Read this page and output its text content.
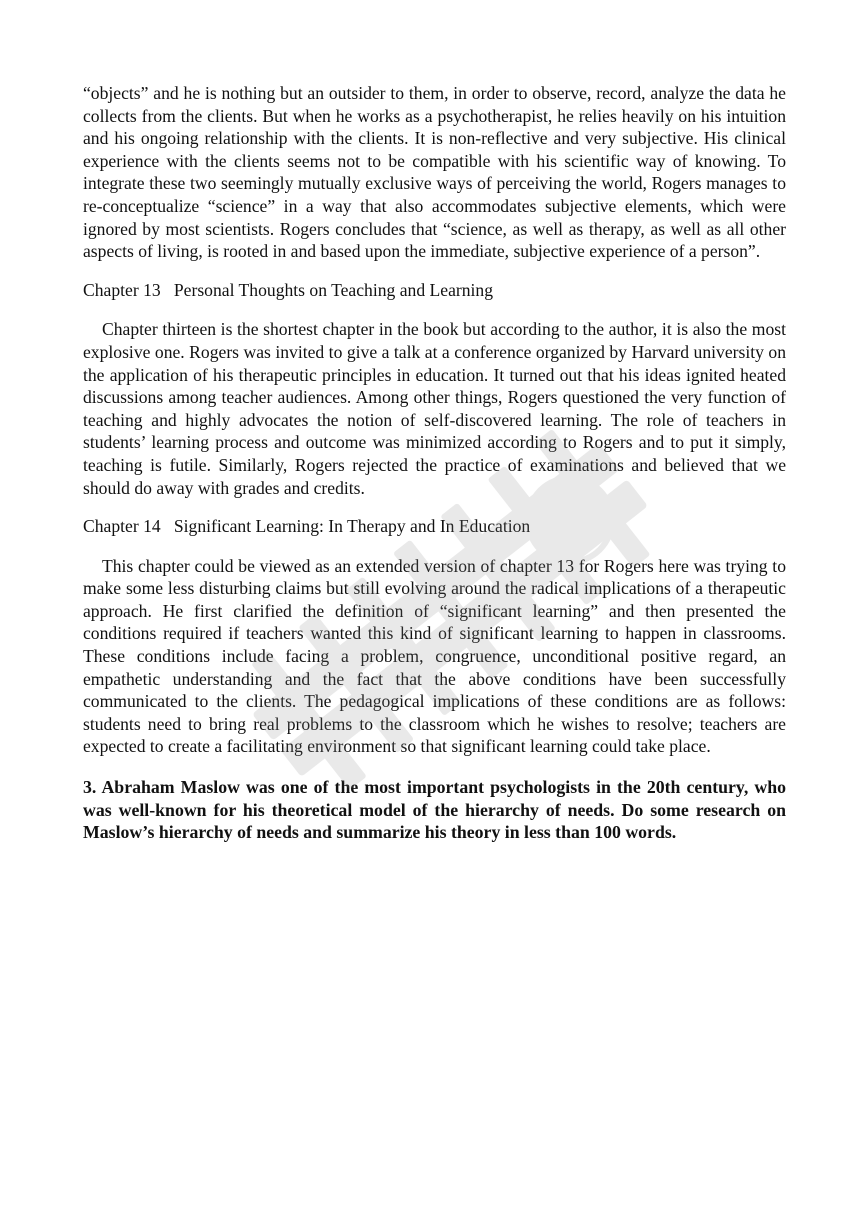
“objects” and he is nothing but an outsider to them, in order to observe, record, analyze the data he collects from the clients. But when he works as a psychotherapist, he relies heavily on his intuition and his ongoing relationship with the clients. It is non-reflective and very subjective. His clinical experience with the clients seems not to be compatible with his scientific way of knowing. To integrate these two seemingly mutually exclusive ways of perceiving the world, Rogers manages to re-conceptualize “science” in a way that also accommodates subjective elements, which were ignored by most scientists. Rogers concludes that “science, as well as therapy, as well as all other aspects of living, is rooted in and based upon the immediate, subjective experience of a person”.

Chapter 13   Personal Thoughts on Teaching and Learning

Chapter thirteen is the shortest chapter in the book but according to the author, it is also the most explosive one. Rogers was invited to give a talk at a conference organized by Harvard university on the application of his therapeutic principles in education. It turned out that his ideas ignited heated discussions among teacher audiences. Among other things, Rogers questioned the very function of teaching and highly advocates the notion of self-discovered learning. The role of teachers in students’ learning process and outcome was minimized according to Rogers and to put it simply, teaching is futile. Similarly, Rogers rejected the practice of examinations and believed that we should do away with grades and credits.

Chapter 14   Significant Learning: In Therapy and In Education

This chapter could be viewed as an extended version of chapter 13 for Rogers here was trying to make some less disturbing claims but still evolving around the radical implications of a therapeutic approach. He first clarified the definition of “significant learning” and then presented the conditions required if teachers wanted this kind of significant learning to happen in classrooms. These conditions include facing a problem, congruence, unconditional positive regard, an empathetic understanding and the fact that the above conditions have been successfully communicated to the clients. The pedagogical implications of these conditions are as follows: students need to bring real problems to the classroom which he wishes to resolve; teachers are expected to create a facilitating environment so that significant learning could take place.

3. Abraham Maslow was one of the most important psychologists in the 20th century, who was well-known for his theoretical model of the hierarchy of needs. Do some research on Maslow’s hierarchy of needs and summarize his theory in less than 100 words.
